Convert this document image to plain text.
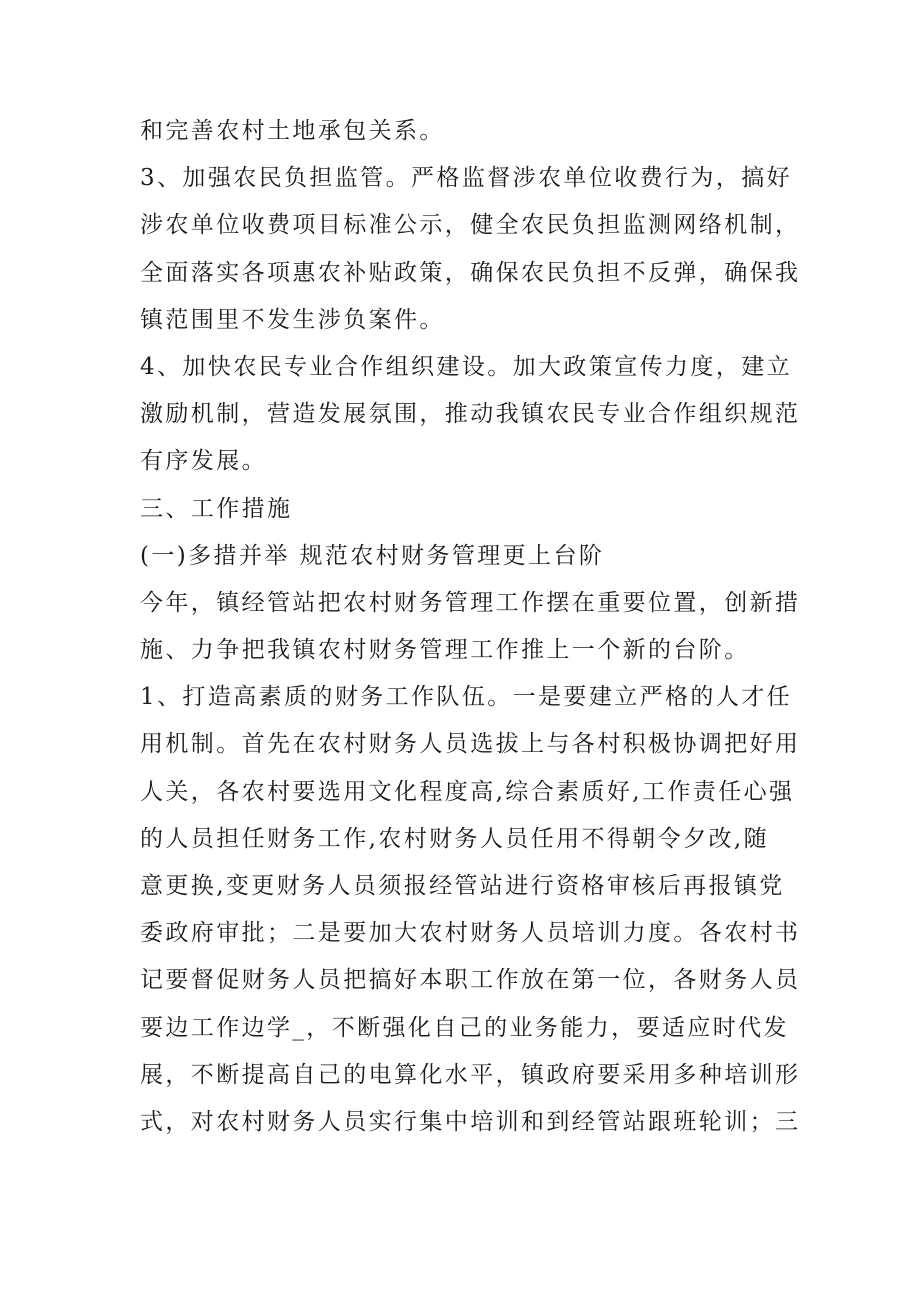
和完善农村土地承包关系。
3、加强农民负担监管。严格监督涉农单位收费行为，搞好
涉农单位收费项目标准公示，健全农民负担监测网络机制，
全面落实各项惠农补贴政策，确保农民负担不反弹，确保我
镇范围里不发生涉负案件。
4、加快农民专业合作组织建设。加大政策宣传力度，建立
激励机制，营造发展氛围，推动我镇农民专业合作组织规范
有序发展。
三、工作措施
(一)多措并举 规范农村财务管理更上台阶
今年，镇经管站把农村财务管理工作摆在重要位置，创新措
施、力争把我镇农村财务管理工作推上一个新的台阶。
1、打造高素质的财务工作队伍。一是要建立严格的人才任
用机制。首先在农村财务人员选拔上与各村积极协调把好用
人关，各农村要选用文化程度高,综合素质好,工作责任心强
的人员担任财务工作,农村财务人员任用不得朝令夕改,随
意更换,变更财务人员须报经管站进行资格审核后再报镇党
委政府审批；二是要加大农村财务人员培训力度。各农村书
记要督促财务人员把搞好本职工作放在第一位，各财务人员
要边工作边学_，不断强化自己的业务能力，要适应时代发
展，不断提高自己的电算化水平，镇政府要采用多种培训形
式，对农村财务人员实行集中培训和到经管站跟班轮训；三
